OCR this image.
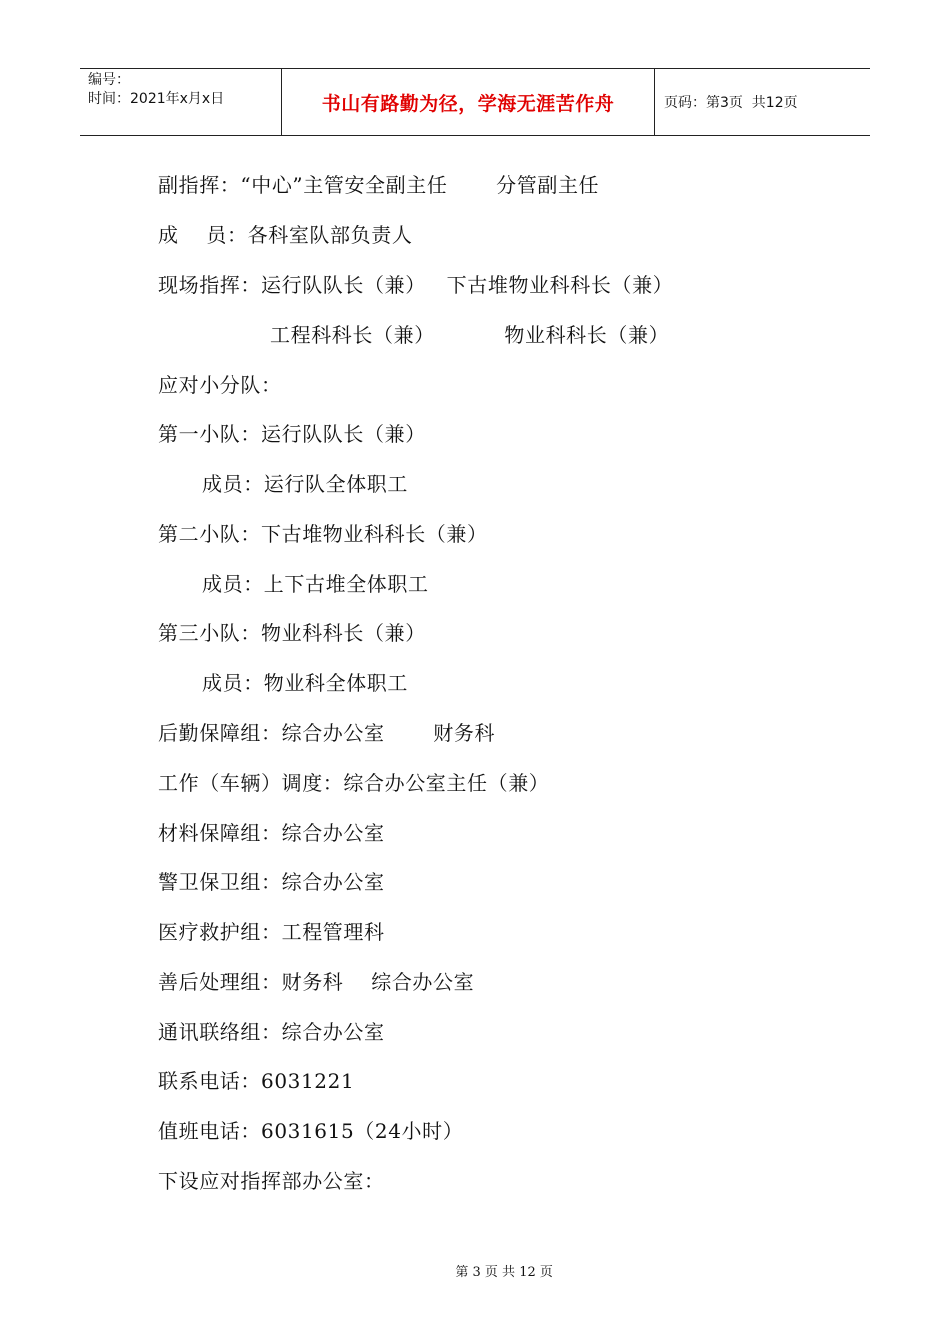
编号：
时间：2021年x月x日	书山有路勤为径，学海无涯苦作舟	页码：第3页  共12页
副指挥：“中心”主管安全副主任       分管副主任
成    员：各科室队部负责人
现场指挥：运行队队长（兼）   下古堆物业科科长（兼）
工程科科长（兼）          物业科科长（兼）
应对小分队：
第一小队：运行队队长（兼）
成员：运行队全体职工
第二小队：下古堆物业科科长（兼）
成员：上下古堆全体职工
第三小队：物业科科长（兼）
成员：物业科全体职工
后勤保障组：综合办公室       财务科
工作（车辆）调度：综合办公室主任（兼）
材料保障组：综合办公室
警卫保卫组：综合办公室
医疗救护组：工程管理科
善后处理组：财务科    综合办公室
通讯联络组：综合办公室
联系电话：6031221
值班电话：6031615（24小时）
下设应对指挥部办公室：

第 3 页 共 12 页
